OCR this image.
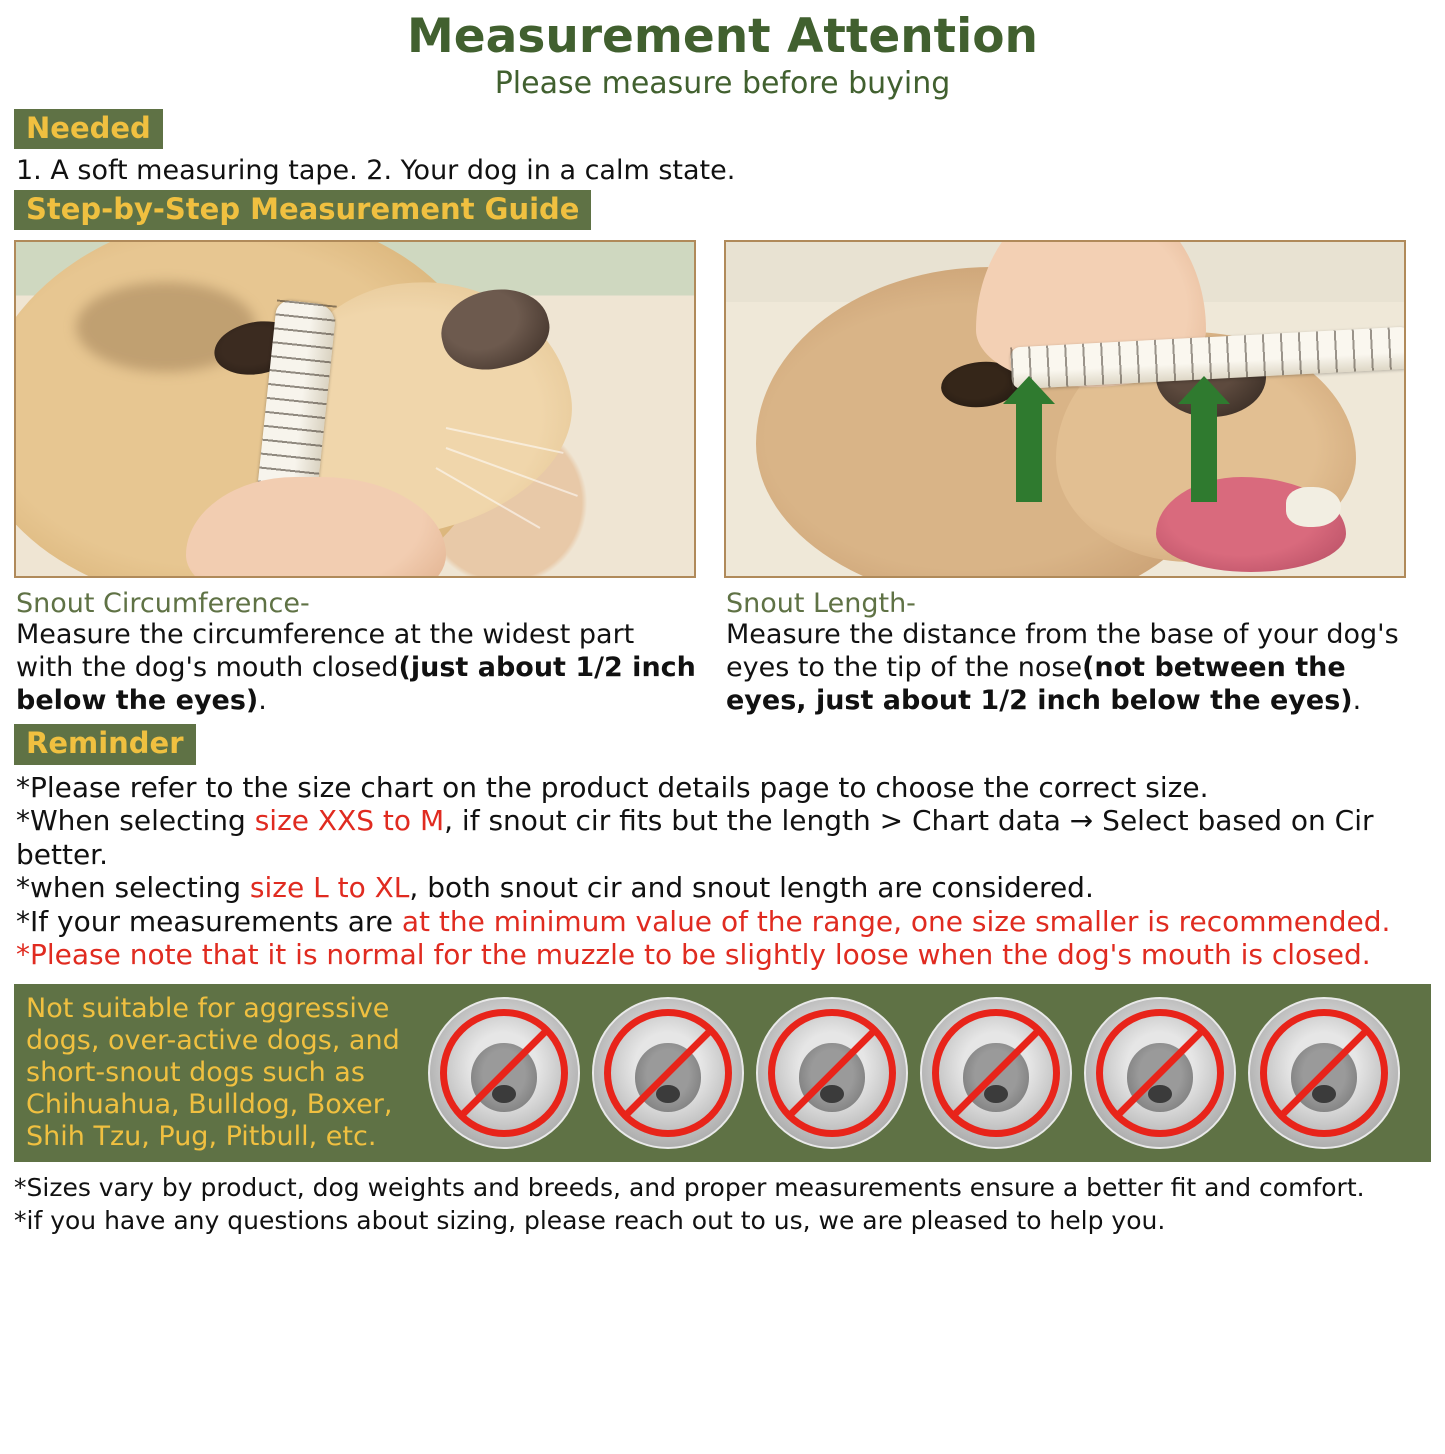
Measurement Attention
Please measure before buying
Needed
1. A soft measuring tape. 2. Your dog in a calm state.
Step-by-Step Measurement Guide
Snout Circumference-
Measure the circumference at the widest part with the dog's mouth closed(just about 1/2 inch below the eyes).
Snout Length-
Measure the distance from the base of your dog's eyes to the tip of the nose(not between the eyes, just about 1/2 inch below the eyes).
Reminder
*Please refer to the size chart on the product details page to choose the correct size.
*When selecting size XXS to M, if snout cir fits but the length > Chart data → Select based on Cir better.
*when selecting size L to XL, both snout cir and snout length are considered.
*If your measurements are at the minimum value of the range, one size smaller is recommended.
*Please note that it is normal for the muzzle to be slightly loose when the dog's mouth is closed.
Not suitable for aggressive dogs, over-active dogs, and short-snout dogs such as Chihuahua, Bulldog, Boxer, Shih Tzu, Pug, Pitbull, etc.
*Sizes vary by product, dog weights and breeds, and proper measurements ensure a better fit and comfort.
*if you have any questions about sizing, please reach out to us, we are pleased to help you.
